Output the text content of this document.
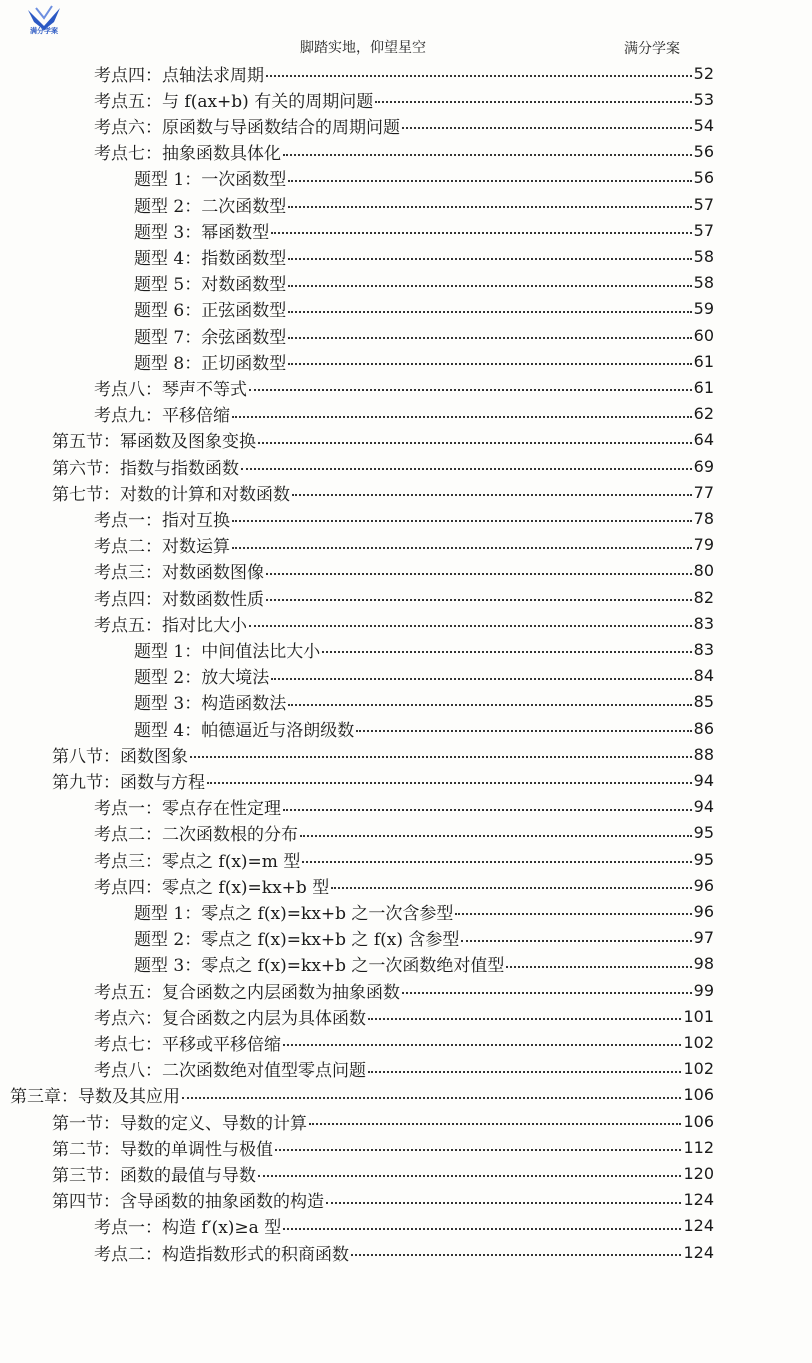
满分学案
脚踏实地，仰望星空	满分学案
考点四：点轴法求周期	52
考点五：与 f(ax+b) 有关的周期问题	53
考点六：原函数与导函数结合的周期问题	54
考点七：抽象函数具体化	56
题型 1：一次函数型	56
题型 2：二次函数型	57
题型 3：幂函数型	57
题型 4：指数函数型	58
题型 5：对数函数型	58
题型 6：正弦函数型	59
题型 7：余弦函数型	60
题型 8：正切函数型	61
考点八：琴声不等式	61
考点九：平移倍缩	62
第五节：幂函数及图象变换	64
第六节：指数与指数函数	69
第七节：对数的计算和对数函数	77
考点一：指对互换	78
考点二：对数运算	79
考点三：对数函数图像	80
考点四：对数函数性质	82
考点五：指对比大小	83
题型 1：中间值法比大小	83
题型 2：放大境法	84
题型 3：构造函数法	85
题型 4：帕德逼近与洛朗级数	86
第八节：函数图象	88
第九节：函数与方程	94
考点一：零点存在性定理	94
考点二：二次函数根的分布	95
考点三：零点之 f(x)=m 型	95
考点四：零点之 f(x)=kx+b 型	96
题型 1：零点之 f(x)=kx+b 之一次含参型	96
题型 2：零点之 f(x)=kx+b 之 f(x) 含参型	97
题型 3：零点之 f(x)=kx+b 之一次函数绝对值型	98
考点五：复合函数之内层函数为抽象函数	99
考点六：复合函数之内层为具体函数	101
考点七：平移或平移倍缩	102
考点八：二次函数绝对值型零点问题	102
第三章：导数及其应用	106
第一节：导数的定义、导数的计算	106
第二节：导数的单调性与极值	112
第三节：函数的最值与导数	120
第四节：含导函数的抽象函数的构造	124
考点一：构造 f′(x)≥a 型	124
考点二：构造指数形式的积商函数	124
